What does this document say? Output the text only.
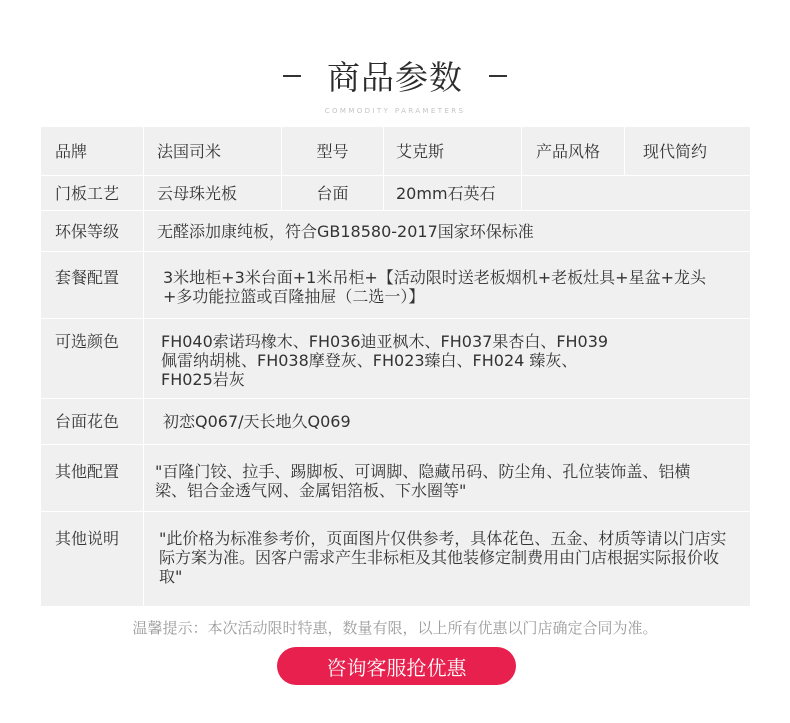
商品参数
COMMODITY PARAMETERS
品牌	法国司米	型号	艾克斯	产品风格	现代简约
门板工艺 云母珠光板	台面	20mm石英石
环保等级 无醛添加康纯板，符合GB18580-2017国家环保标准
套餐配置	3米地柜+3米台面+1米吊柜+【活动限时送老板烟机+老板灶具+星盆+龙头+多功能拉篮或百隆抽屉（二选一）】
可选颜色	FH040索诺玛橡木、FH036迪亚枫木、FH037果杏白、FH039佩雷纳胡桃、FH038摩登灰、FH023臻白、FH024 臻灰、FH025岩灰
台面花色	初恋Q067/天长地久Q069
其他配置 "百隆门铰、拉手、踢脚板、可调脚、隐藏吊码、防尘角、孔位装饰盖、铝横梁、铝合金透气网、金属铝箔板、下水圈等"
其他说明 "此价格为标准参考价，页面图片仅供参考，具体花色、五金、材质等请以门店实际方案为准。因客户需求产生非标柜及其他装修定制费用由门店根据实际报价收取"
温馨提示：本次活动限时特惠，数量有限，以上所有优惠以门店确定合同为准。
咨询客服抢优惠
